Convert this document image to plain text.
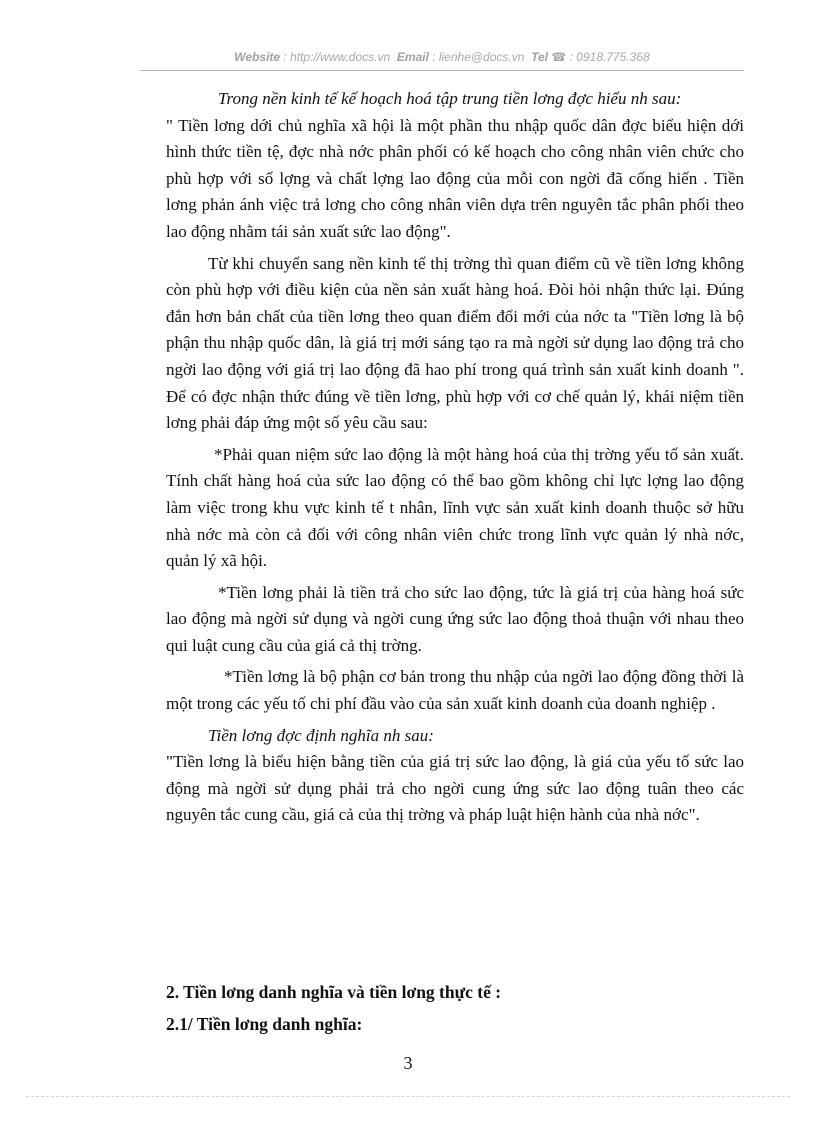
Website : http://www.docs.vn Email : lienhe@docs.vn Tel ☎ : 0918.775.368

Trong nền kinh tế kế hoạch hoá tập trung tiền lơng đợc hiểu nh sau:

" Tiền lơng dới chủ nghĩa xã hội là một phần thu nhập quốc dân đợc biểu hiện dới hình thức tiền tệ, đợc nhà nớc phân phối có kế hoạch cho công nhân viên chức cho phù hợp với số lợng và chất lợng lao động của mỗi con ngời đã cống hiến . Tiền lơng phản ánh việc trả lơng cho công nhân viên dựa trên nguyên tắc phân phối theo lao động nhằm tái sản xuất sức lao động".

Từ khi chuyển sang nền kinh tế thị trờng thì quan điểm cũ về tiền lơng không còn phù hợp với điều kiện của nền sản xuất hàng hoá. Đòi hỏi nhận thức lại. Đúng đắn hơn bản chất của tiền lơng theo quan điểm đổi mới của nớc ta "Tiền lơng là bộ phận thu nhập quốc dân, là giá trị mới sáng tạo ra mà ngời sử dụng lao động trả cho ngời lao động với giá trị lao động đã hao phí trong quá trình sản xuất kinh doanh ". Để có đợc nhận thức đúng về tiền lơng, phù hợp với cơ chế quản lý, khái niệm tiền lơng phải đáp ứng một số yêu cầu sau:

*Phải quan niệm sức lao động là một hàng hoá của thị trờng yếu tố sản xuất. Tính chất hàng hoá của sức lao động có thể bao gồm không chỉ lực lợng lao động làm việc trong khu vực kinh tế t nhân, lĩnh vực sản xuất kinh doanh thuộc sở hữu nhà nớc mà còn cả đối với công nhân viên chức trong lĩnh vực quản lý nhà nớc, quản lý xã hội.

*Tiền lơng phải là tiền trả cho sức lao động, tức là giá trị của hàng hoá sức lao động mà ngời sử dụng và ngời cung ứng sức lao động thoả thuận với nhau theo qui luật cung cầu của giá cả thị trờng.

*Tiền lơng là bộ phận cơ bản trong thu nhập của ngời lao động đồng thời là một trong các yếu tố chi phí đầu vào của sản xuất kinh doanh của doanh nghiệp .

Tiền lơng đợc định nghĩa nh sau:

"Tiền lơng là biểu hiện bằng tiền của giá trị sức lao động, là giá của yếu tố sức lao động mà ngời sử dụng phải trả cho ngời cung ứng sức lao động tuân theo các nguyên tắc cung cầu, giá cả của thị trờng và pháp luật hiện hành của nhà nớc".

2. Tiền lơng danh nghĩa và tiền lơng thực tế :
2.1/ Tiền lơng danh nghĩa:
3
